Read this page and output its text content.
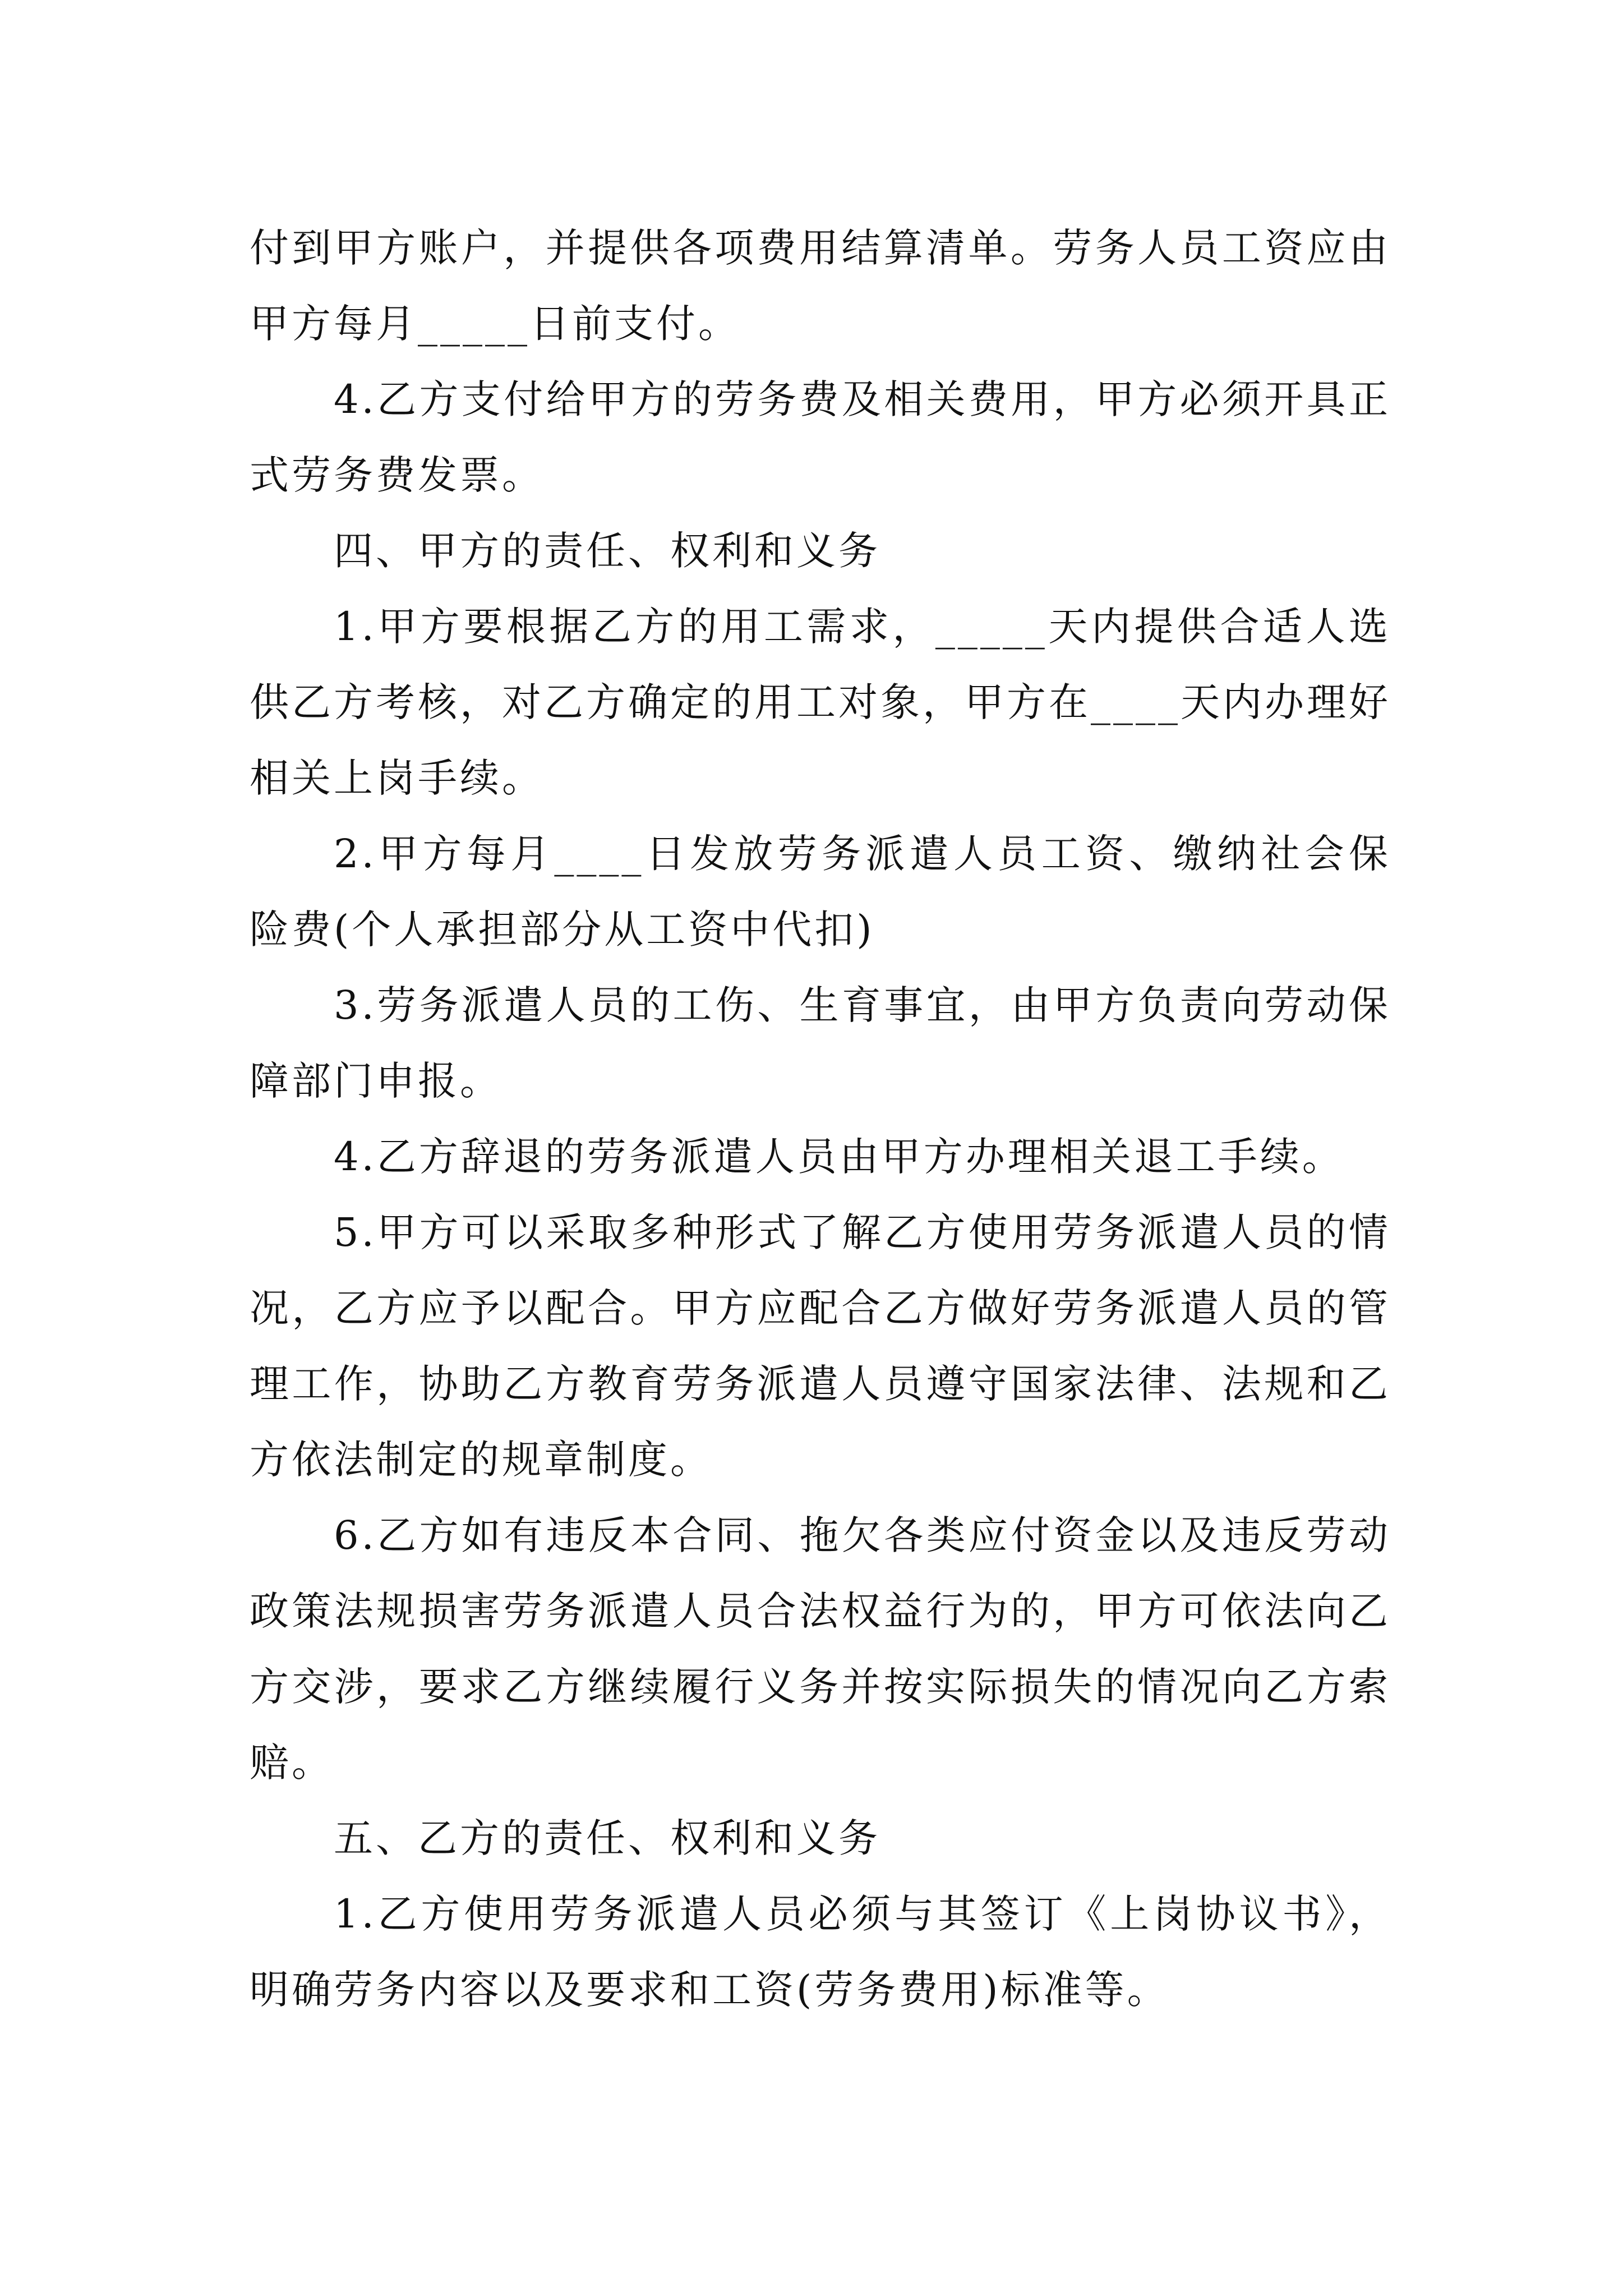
付到甲方账户，并提供各项费用结算清单。劳务人员工资应由甲方每月_____日前支付。

4.乙方支付给甲方的劳务费及相关费用，甲方必须开具正式劳务费发票。

四、甲方的责任、权利和义务

1.甲方要根据乙方的用工需求，_____天内提供合适人选供乙方考核，对乙方确定的用工对象，甲方在____天内办理好相关上岗手续。

2.甲方每月____日发放劳务派遣人员工资、缴纳社会保险费(个人承担部分从工资中代扣)

3.劳务派遣人员的工伤、生育事宜，由甲方负责向劳动保障部门申报。

4.乙方辞退的劳务派遣人员由甲方办理相关退工手续。

5.甲方可以采取多种形式了解乙方使用劳务派遣人员的情况，乙方应予以配合。甲方应配合乙方做好劳务派遣人员的管理工作，协助乙方教育劳务派遣人员遵守国家法律、法规和乙方依法制定的规章制度。

6.乙方如有违反本合同、拖欠各类应付资金以及违反劳动政策法规损害劳务派遣人员合法权益行为的，甲方可依法向乙方交涉，要求乙方继续履行义务并按实际损失的情况向乙方索赔。

五、乙方的责任、权利和义务

1.乙方使用劳务派遣人员必须与其签订《上岗协议书》，明确劳务内容以及要求和工资(劳务费用)标准等。
